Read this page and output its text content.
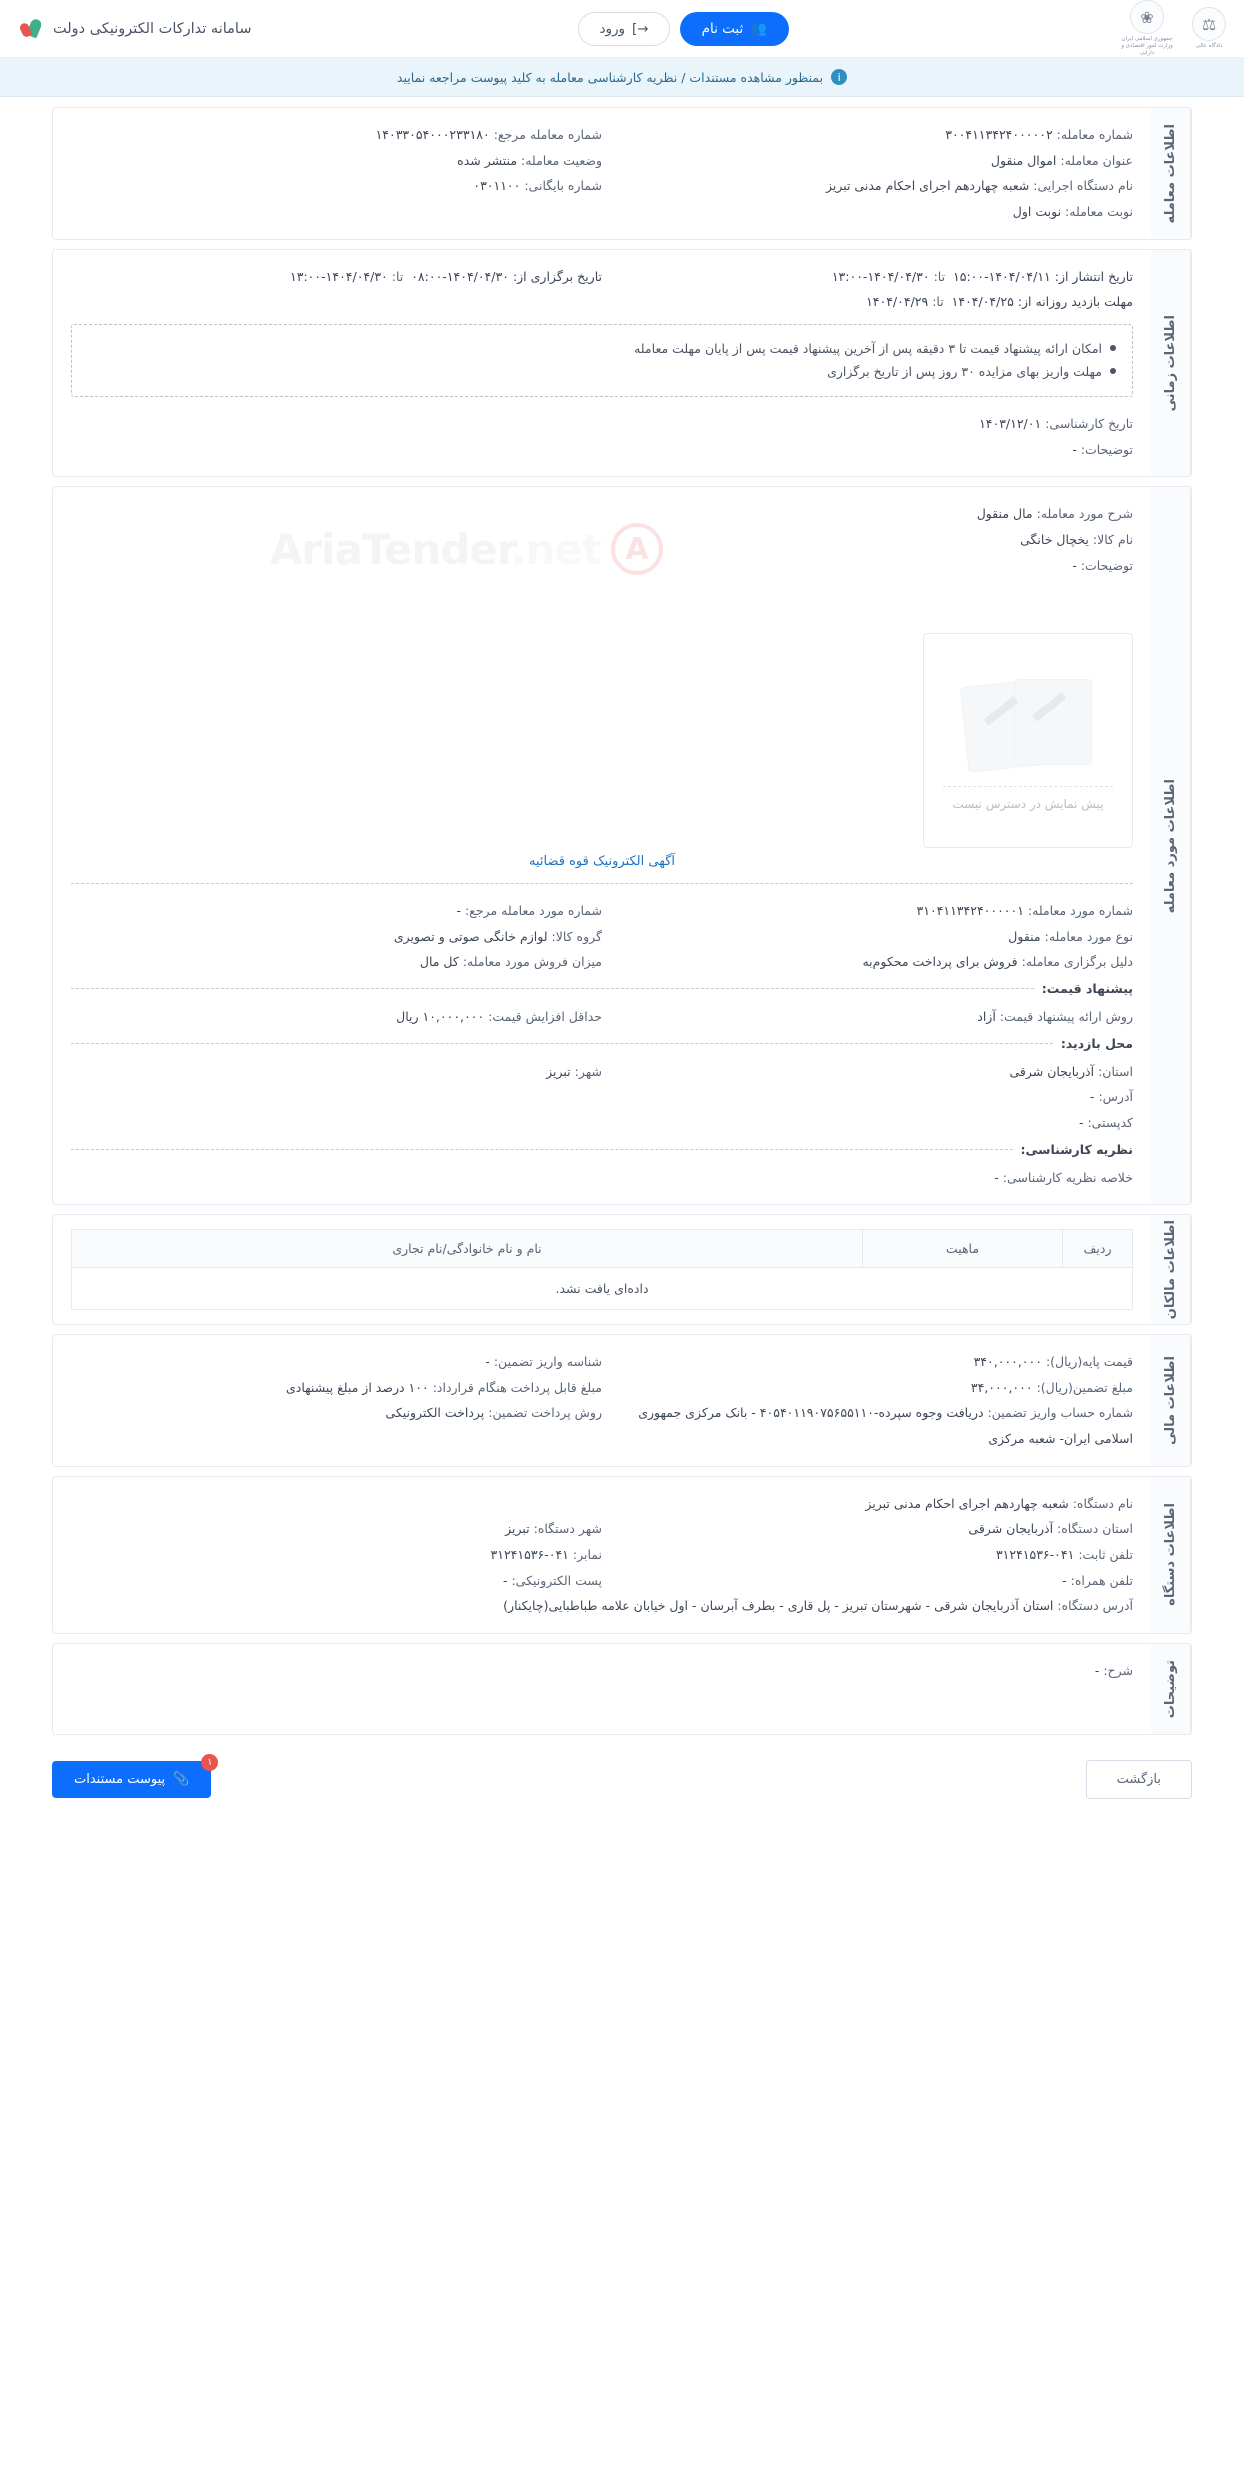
⚖
دادگاه عالی
❀
جمهوری اسلامی ایران وزارت امور اقتصادی و دارایی
👥
ثبت نام
→]
ورود
سامانه تدارکات الکترونیکی دولت
i
بمنظور مشاهده مستندات / نظریه کارشناسی معامله به کلید پیوست مراجعه نمایید
اطلاعات معامله
شماره معامله: ۳۰۰۴۱۱۳۴۲۴۰۰۰۰۰۲
شماره معامله مرجع: ۱۴۰۳۳۰۵۴۰۰۰۲۳۳۱۸۰
عنوان معامله: اموال منقول
وضعیت معامله: منتشر شده
نام دستگاه اجرایی: شعبه چهاردهم اجرای احکام مدنی تبریز
شماره بایگانی: ۰۳۰۱۱۰۰
نوبت معامله: نوبت اول
اطلاعات زمانی
تاریخ انتشار از: ۱۴۰۴/۰۴/۱۱-۱۵:۰۰  تا: ۱۴۰۴/۰۴/۳۰-۱۳:۰۰
تاریخ برگزاری از: ۱۴۰۴/۰۴/۳۰-۰۸:۰۰  تا: ۱۴۰۴/۰۴/۳۰-۱۳:۰۰
مهلت بازدید روزانه از: ۱۴۰۴/۰۴/۲۵  تا: ۱۴۰۴/۰۴/۲۹
امکان ارائه پیشنهاد قیمت تا ۳ دقیقه پس از آخرین پیشنهاد قیمت پس از پایان مهلت معامله
مهلت واریز بهای مزایده ۳۰ روز پس از تاریخ برگزاری
تاریخ کارشناسی: ۱۴۰۳/۱۲/۰۱
توضیحات: -
اطلاعات مورد معامله
شرح مورد معامله: مال منقول
نام کالا: یخچال خانگی
توضیحات: -
A
AriaTender.net
پیش نمایش در دسترس نیست
آگهی الکترونیک قوه قضائیه
شماره مورد معامله: ۳۱۰۴۱۱۳۴۲۴۰۰۰۰۰۱
شماره مورد معامله مرجع: -
نوع مورد معامله: منقول
گروه کالا: لوازم خانگی صوتی و تصویری
دلیل برگزاری معامله: فروش برای پرداخت محکوم‌به
میزان فروش مورد معامله: کل مال
پیشنهاد قیمت:
روش ارائه پیشنهاد قیمت: آزاد
حداقل افزایش قیمت: ۱۰,۰۰۰,۰۰۰ ریال
محل بازدید:
استان: آذربایجان شرقی
شهر: تبریز
آدرس: -
کدپستی: -
نظریه کارشناسی:
خلاصه نظریه کارشناسی: -
اطلاعات مالکان
ردیف	ماهیت	نام و نام خانوادگی/نام تجاری
داده‌ای یافت نشد.
اطلاعات مالی
قیمت پایه(ریال): ۳۴۰,۰۰۰,۰۰۰
شناسه واریز تضمین: -
مبلغ تضمین(ریال): ۳۴,۰۰۰,۰۰۰
مبلغ قابل پرداخت هنگام قرارداد: ۱۰۰ درصد از مبلغ پیشنهادی
شماره حساب واریز تضمین: دریافت وجوه سپرده-۴۰۵۴۰۱۱۹۰۷۵۶۵۵۱۱۰ - بانک مرکزی جمهوری اسلامی ایران- شعبه مرکزی
روش پرداخت تضمین: پرداخت الکترونیکی
اطلاعات دستگاه
نام دستگاه: شعبه چهاردهم اجرای احکام مدنی تبریز
استان دستگاه: آذربایجان شرقی
شهر دستگاه: تبریز
تلفن ثابت: ۰۴۱-۳۱۲۴۱۵۳۶
نمابر: ۰۴۱-۳۱۲۴۱۵۳۶
تلفن همراه: -
پست الکترونیکی: -
آدرس دستگاه: استان آذربایجان شرقی - شهرستان تبریز - پل قاری - بطرف آبرسان - اول خیابان علامه طباطبایی(چایکنار)
توضیحات
شرح: -
بازگشت
۱
📎
پیوست مستندات
